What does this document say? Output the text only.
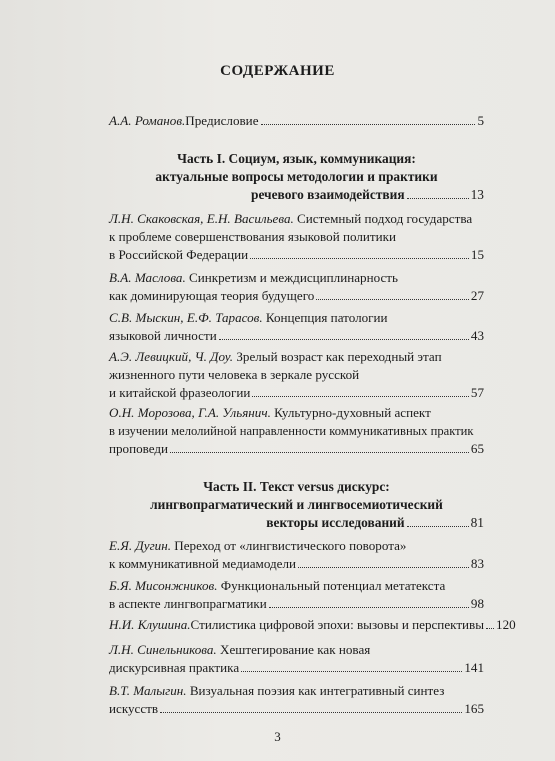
СОДЕРЖАНИЕ
А.А. Романов. Предисловие	5
Часть I. Социум, язык, коммуникация:
актуальные вопросы методологии и практики
речевого взаимодействия	13
Л.Н. Скаковская, Е.Н. Васильева. Системный подход государства
к проблеме совершенствования языковой политики
в Российской Федерации	15
В.А. Маслова. Синкретизм и междисциплинарность
как доминирующая теория будущего	27
С.В. Мыскин, Е.Ф. Тарасов. Концепция патологии
языковой личности	43
А.Э. Левицкий, Ч. Доу. Зрелый возраст как переходный этап
жизненного пути человека в зеркале русской
и китайской фразеологии	57
О.Н. Морозова, Г.А. Ульянич. Культурно-духовный аспект
в изучении мелолийной направленности коммуникативных практик
проповеди	65
Часть II. Текст versus дискурс:
лингвопрагматический и лингвосемиотический
векторы исследований	81
Е.Я. Дугин. Переход от «лингвистического поворота»
к коммуникативной медиамодели	83
Б.Я. Мисонжников. Функциональный потенциал метатекста
в аспекте лингвопрагматики	98
Н.И. Клушина. Стилистика цифровой эпохи: вызовы и перспективы 120
Л.Н. Синельникова. Хештегирование как новая
дискурсивная практика	141
В.Т. Малыгин. Визуальная поэзия как интегративный синтез
искусств	165
3
